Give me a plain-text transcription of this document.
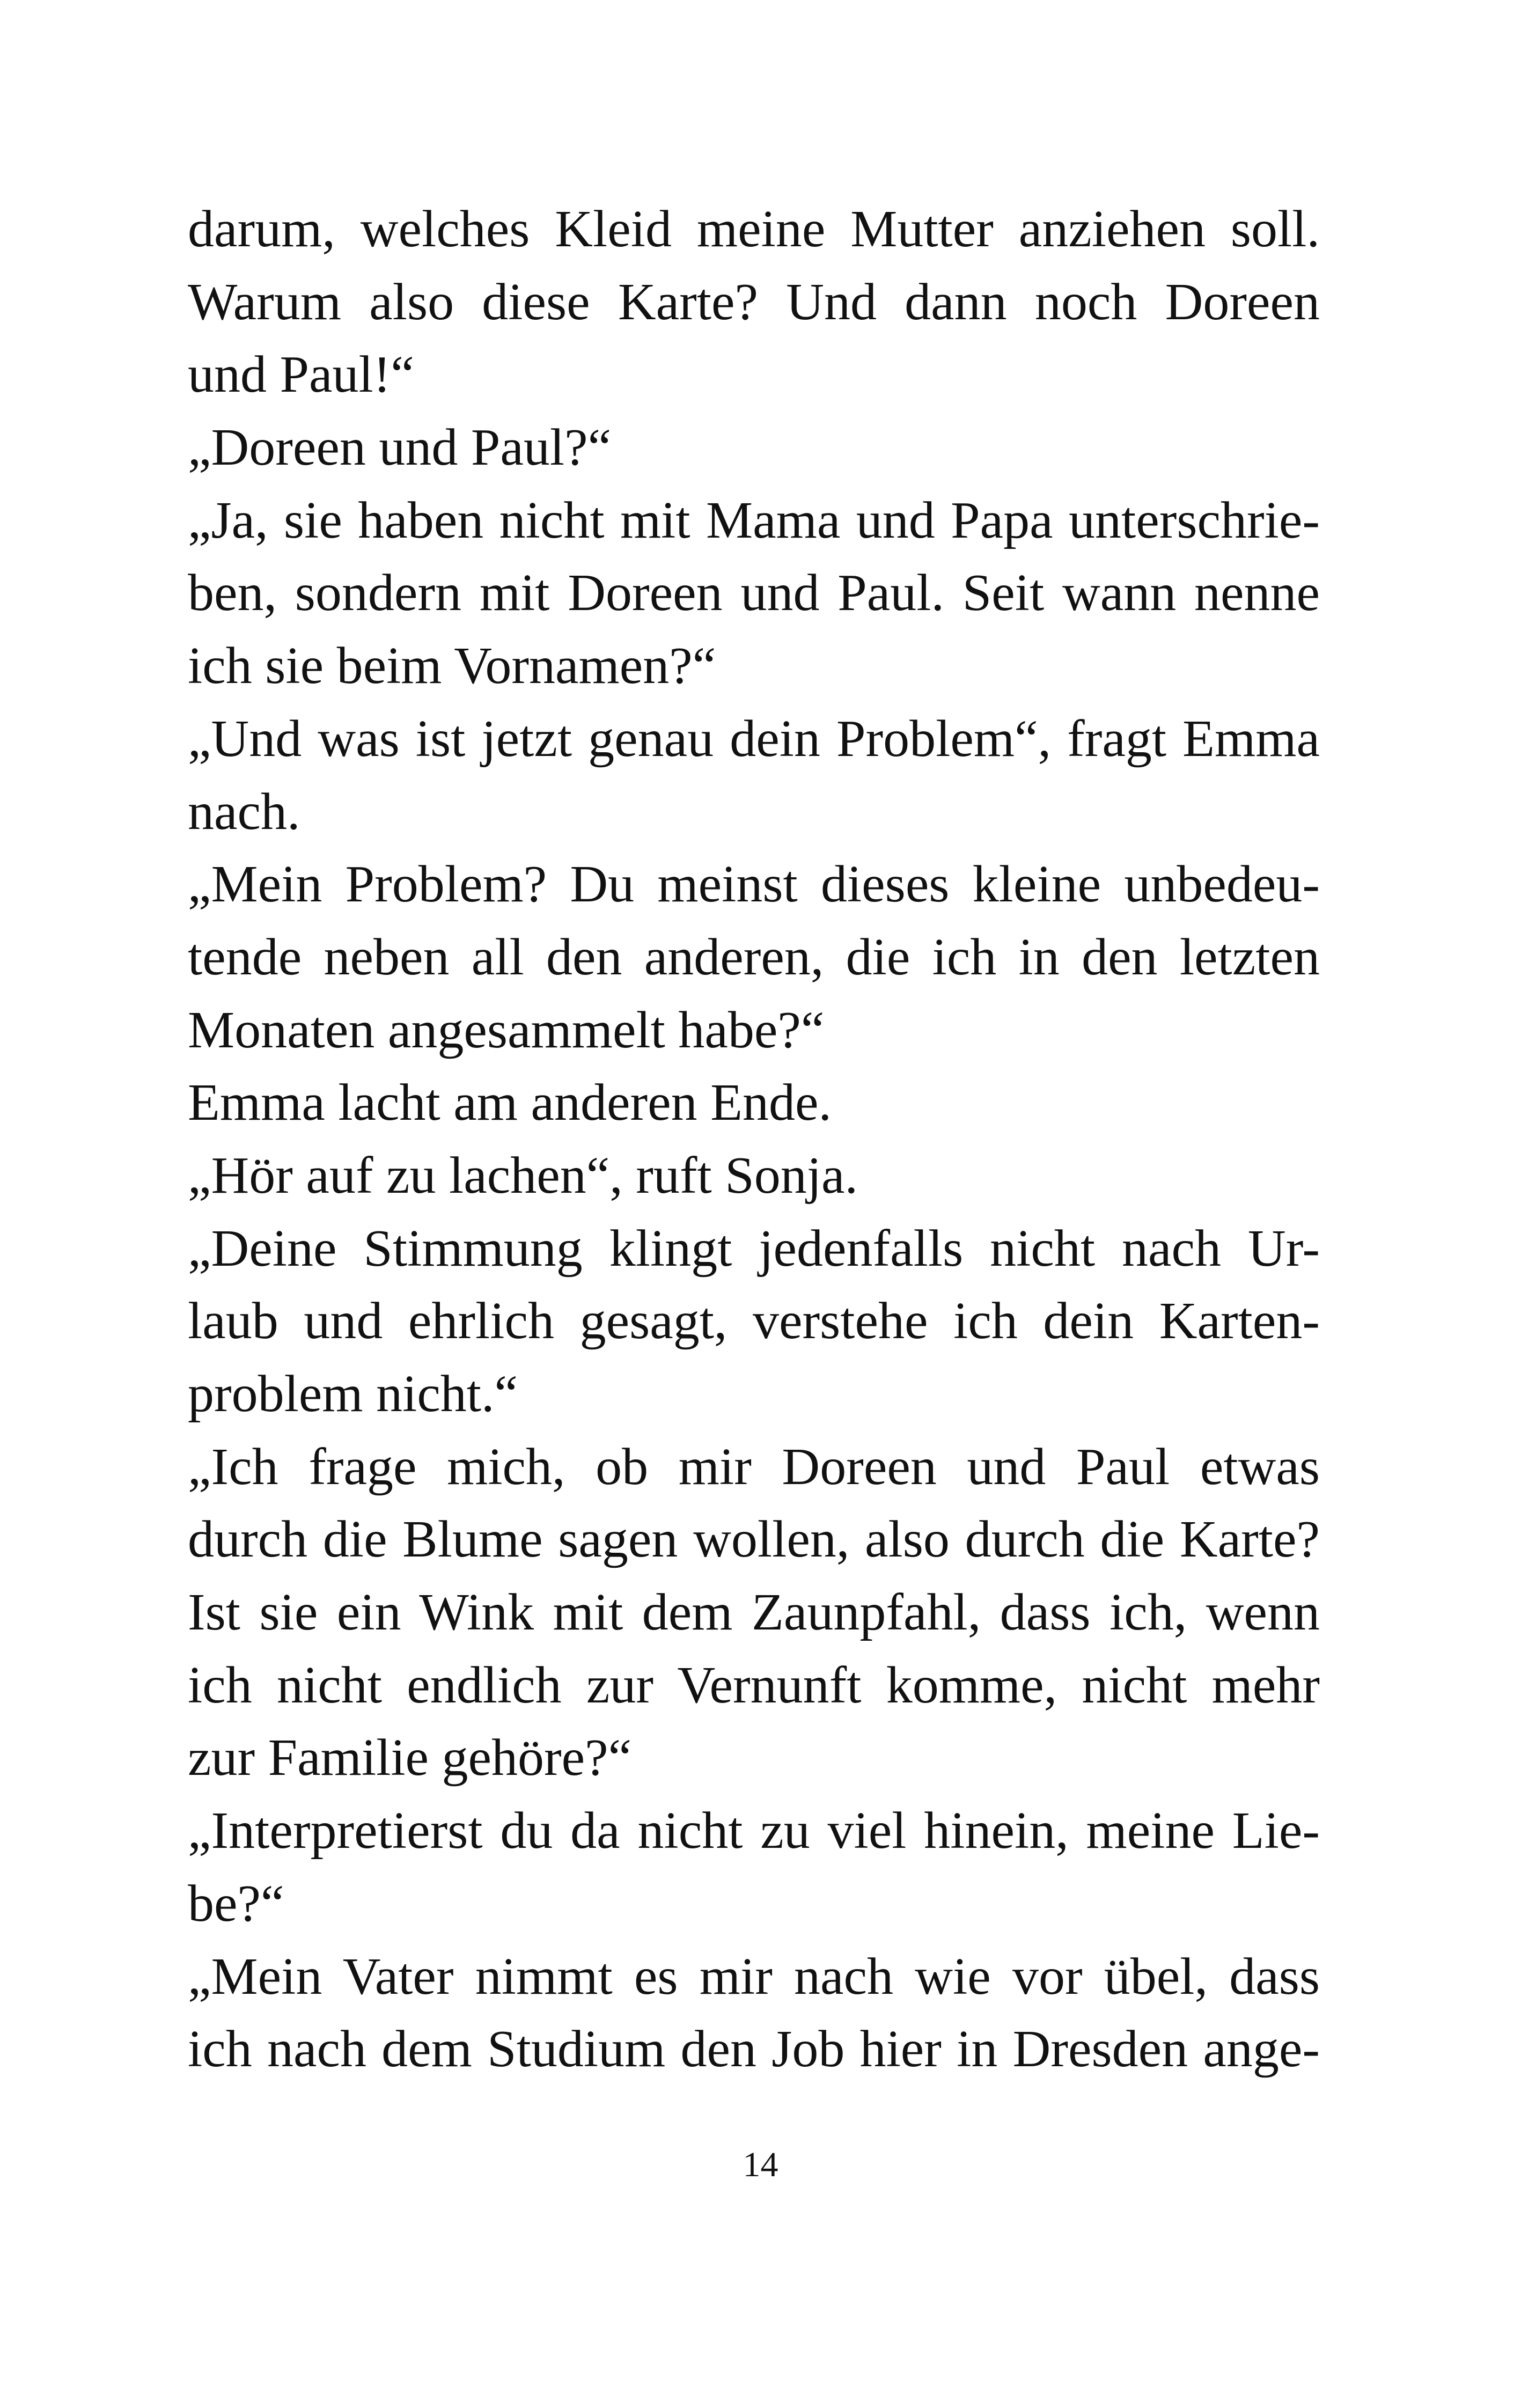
darum, welches Kleid meine Mutter anziehen soll.
Warum also diese Karte? Und dann noch Doreen
und Paul!“
„Doreen und Paul?“
„Ja, sie haben nicht mit Mama und Papa unterschrie-
ben, sondern mit Doreen und Paul. Seit wann nenne
ich sie beim Vornamen?“
„Und was ist jetzt genau dein Problem“, fragt Emma
nach.
„Mein Problem? Du meinst dieses kleine unbedeu-
tende neben all den anderen, die ich in den letzten
Monaten angesammelt habe?“
Emma lacht am anderen Ende.
„Hör auf zu lachen“, ruft Sonja.
„Deine Stimmung klingt jedenfalls nicht nach Ur-
laub und ehrlich gesagt, verstehe ich dein Karten-
problem nicht.“
„Ich frage mich, ob mir Doreen und Paul etwas
durch die Blume sagen wollen, also durch die Karte?
Ist sie ein Wink mit dem Zaunpfahl, dass ich, wenn
ich nicht endlich zur Vernunft komme, nicht mehr
zur Familie gehöre?“
„Interpretierst du da nicht zu viel hinein, meine Lie-
be?“
„Mein Vater nimmt es mir nach wie vor übel, dass
ich nach dem Studium den Job hier in Dresden ange-
14
